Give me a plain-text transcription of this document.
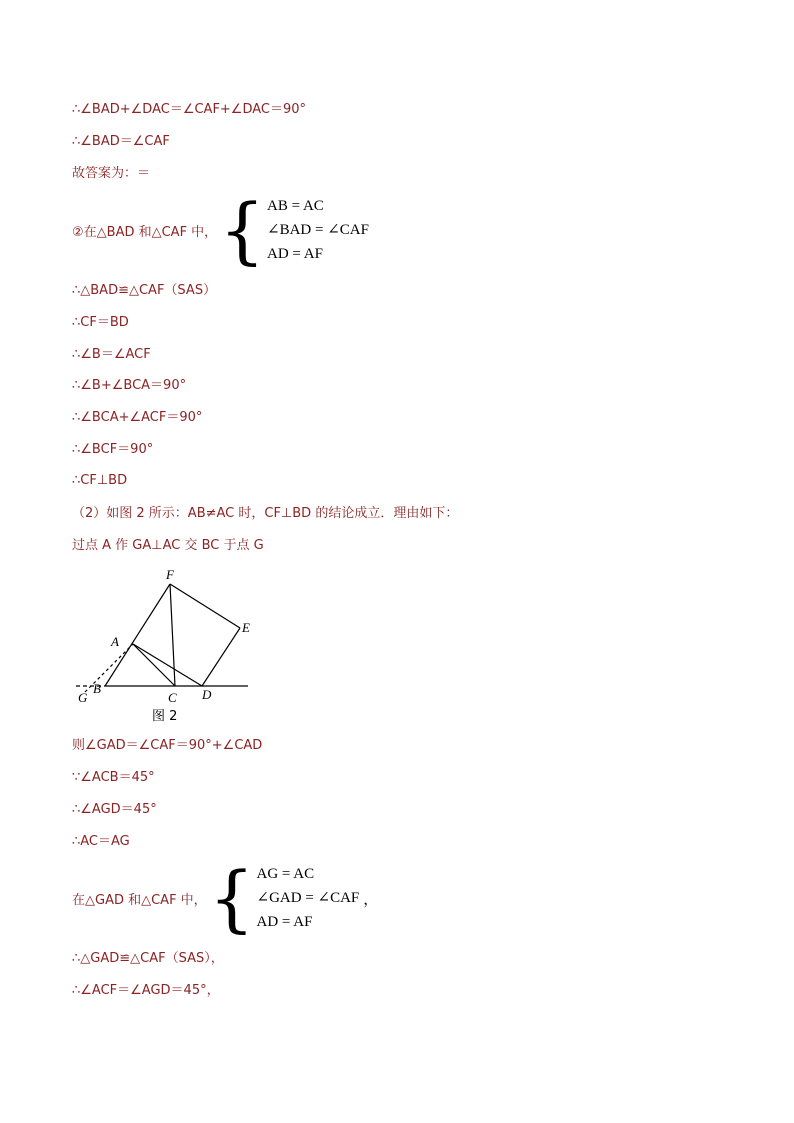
∴∠BAD+∠DAC＝∠CAF+∠DAC＝90°
∴∠BAD＝∠CAF
故答案为：＝
②在△BAD 和△CAF 中， { AB = AC
∠BAD = ∠CAF
AD = AF
∴△BAD≌△CAF（SAS）
∴CF＝BD
∴∠B＝∠ACF
∴∠B+∠BCA＝90°
∴∠BCA+∠ACF＝90°
∴∠BCF＝90°
∴CF⊥BD
（2）如图 2 所示：AB≠AC 时，CF⊥BD 的结论成立．理由如下：
过点 A 作 GA⊥AC 交 BC 于点 G
F
E
A
B
C D
G
图 2
则∠GAD＝∠CAF＝90°+∠CAD
∵∠ACB＝45°
∴∠AGD＝45°
∴AC＝AG
在△GAD 和△CAF 中， { AG = AC
∠GAD = ∠CAF
AD = AF
，
∴△GAD≌△CAF（SAS），
∴∠ACF＝∠AGD＝45°，
